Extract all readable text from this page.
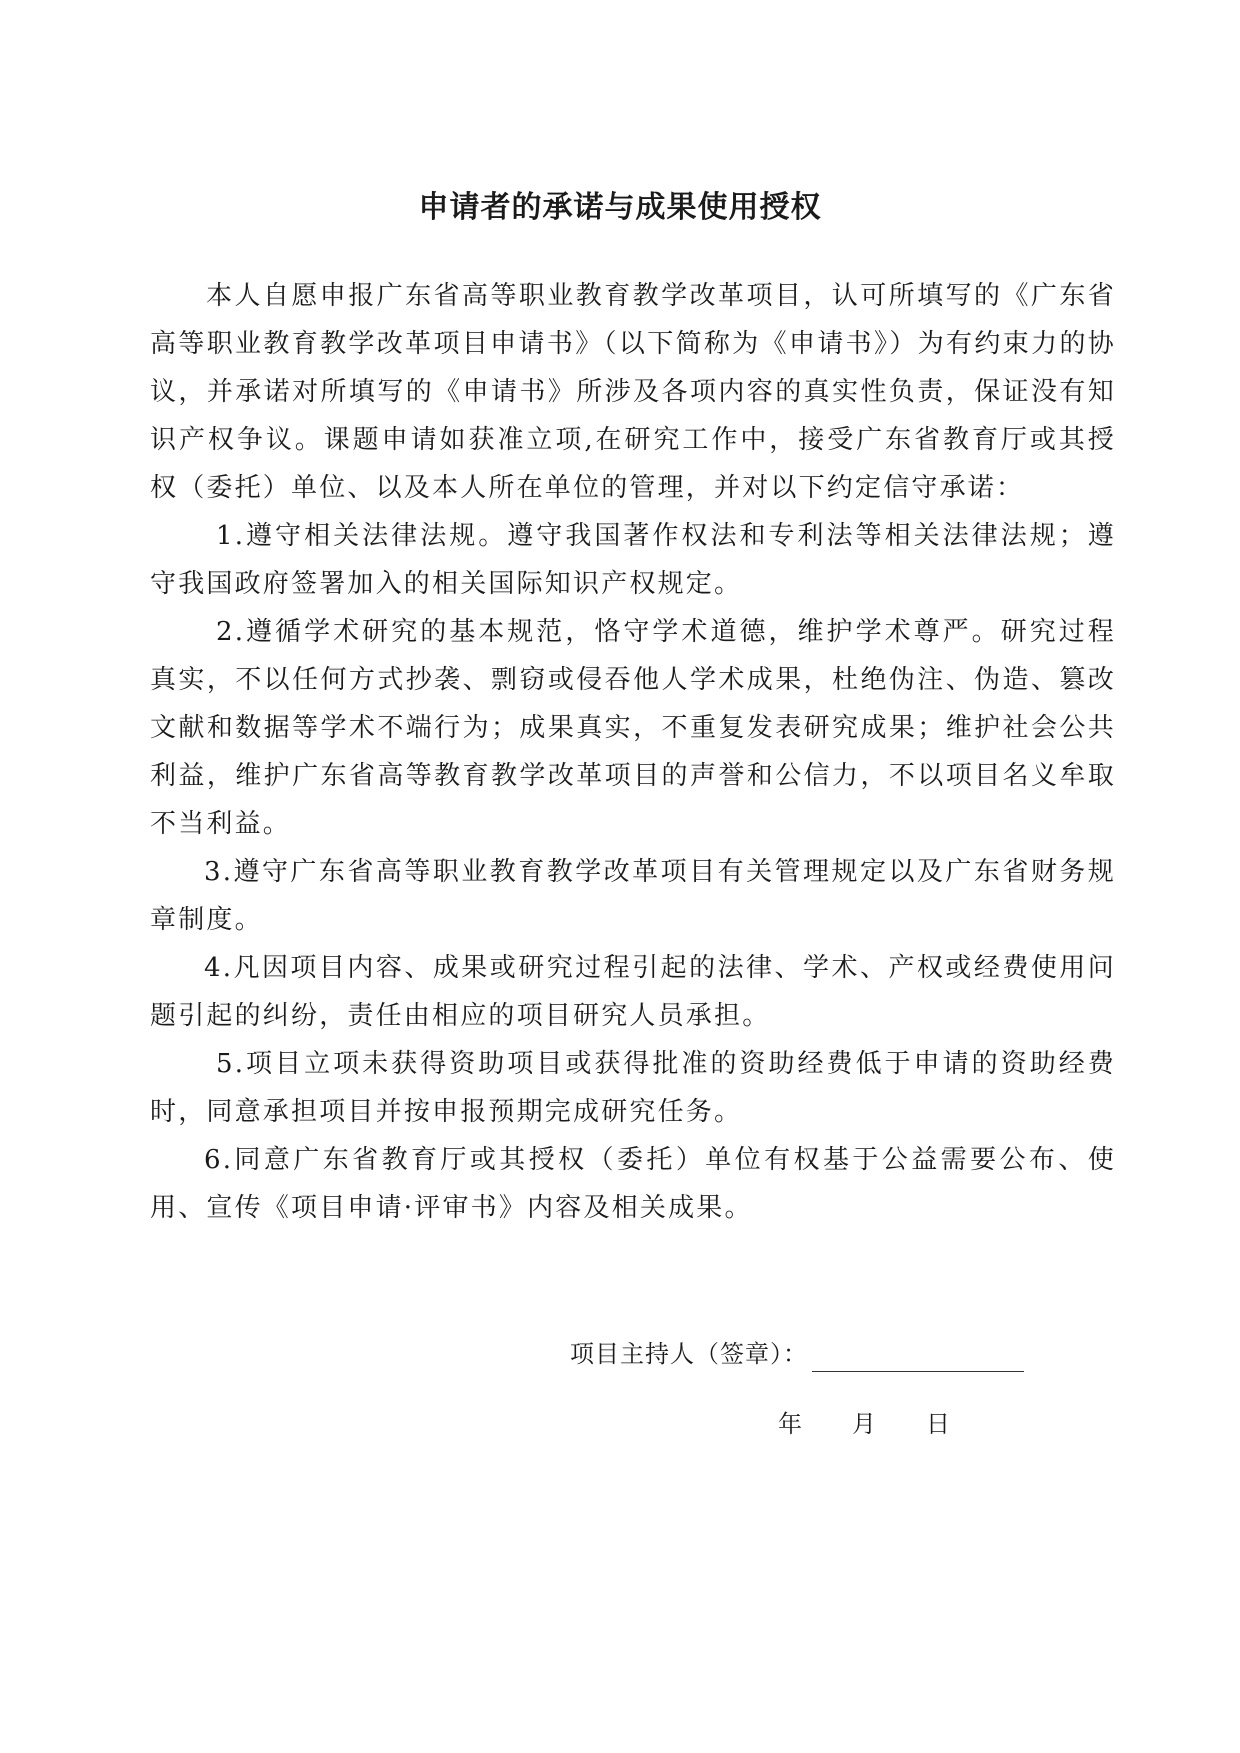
申请者的承诺与成果使用授权

本人自愿申报广东省高等职业教育教学改革项目，认可所填写的《广东省高等职业教育教学改革项目申请书》（以下简称为《申请书》）为有约束力的协议，并承诺对所填写的《申请书》所涉及各项内容的真实性负责，保证没有知识产权争议。课题申请如获准立项,在研究工作中，接受广东省教育厅或其授权（委托）单位、以及本人所在单位的管理，并对以下约定信守承诺：

1.遵守相关法律法规。遵守我国著作权法和专利法等相关法律法规；遵守我国政府签署加入的相关国际知识产权规定。

2.遵循学术研究的基本规范，恪守学术道德，维护学术尊严。研究过程真实，不以任何方式抄袭、剽窃或侵吞他人学术成果，杜绝伪注、伪造、篡改文献和数据等学术不端行为；成果真实，不重复发表研究成果；维护社会公共利益，维护广东省高等教育教学改革项目的声誉和公信力，不以项目名义牟取不当利益。

3.遵守广东省高等职业教育教学改革项目有关管理规定以及广东省财务规章制度。

4.凡因项目内容、成果或研究过程引起的法律、学术、产权或经费使用问题引起的纠纷，责任由相应的项目研究人员承担。

5.项目立项未获得资助项目或获得批准的资助经费低于申请的资助经费时，同意承担项目并按申报预期完成研究任务。

6.同意广东省教育厅或其授权（委托）单位有权基于公益需要公布、使用、宣传《项目申请·评审书》内容及相关成果。

项目主持人（签章）：
年 月 日
